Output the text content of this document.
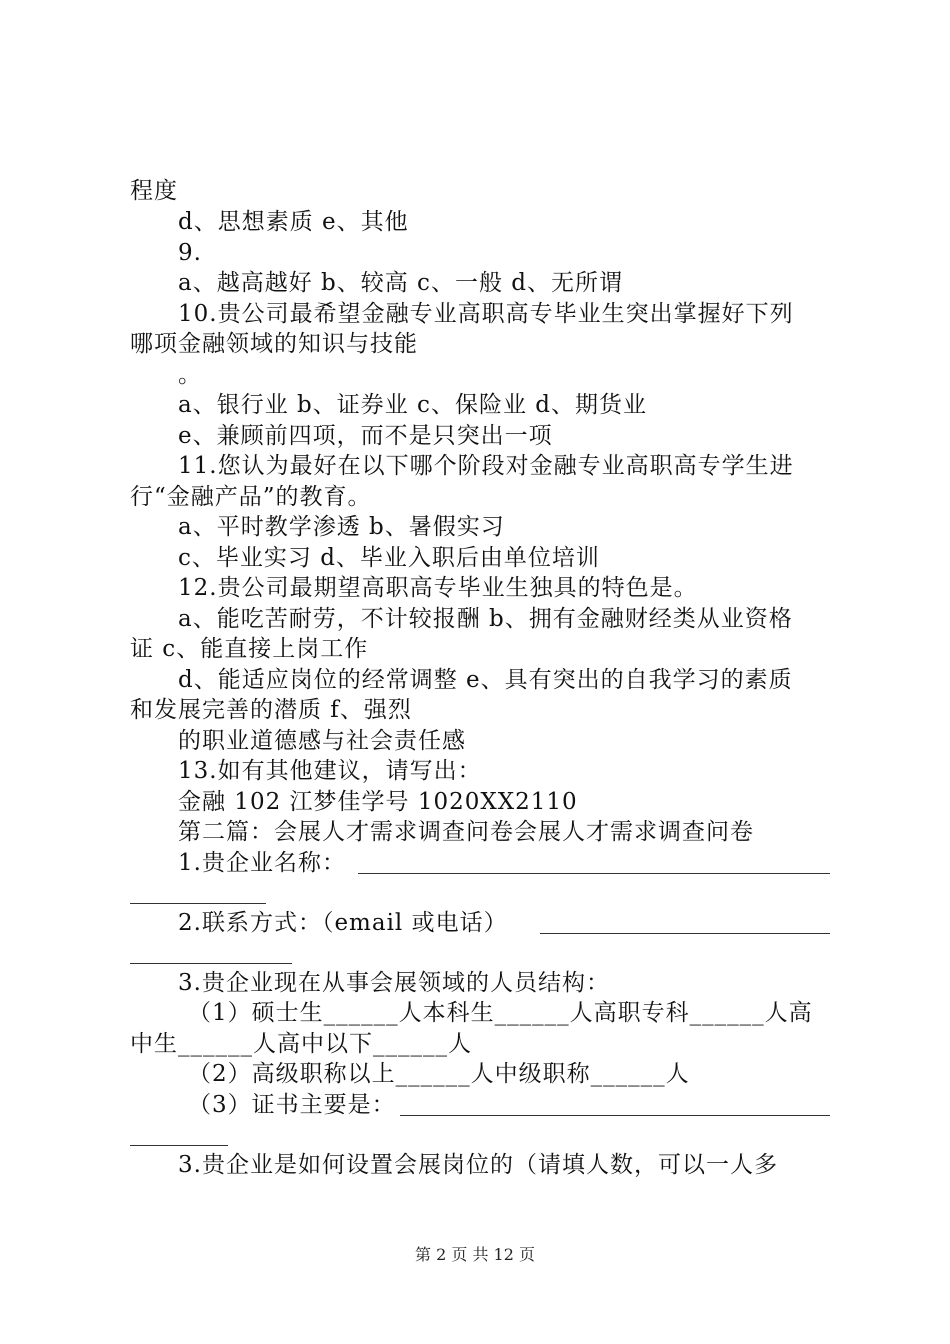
程度
d、思想素质 e、其他
9.
a、越高越好 b、较高 c、一般 d、无所谓
10.贵公司最希望金融专业高职高专毕业生突出掌握好下列
哪项金融领域的知识与技能
。
a、银行业 b、证券业 c、保险业 d、期货业
e、兼顾前四项，而不是只突出一项
11.您认为最好在以下哪个阶段对金融专业高职高专学生进
行“金融产品”的教育。
a、平时教学渗透 b、暑假实习
c、毕业实习 d、毕业入职后由单位培训
12.贵公司最期望高职高专毕业生独具的特色是。
a、能吃苦耐劳，不计较报酬 b、拥有金融财经类从业资格
证 c、能直接上岗工作
d、能适应岗位的经常调整 e、具有突出的自我学习的素质
和发展完善的潜质 f、强烈
的职业道德感与社会责任感
13.如有其他建议，请写出：
金融 102 江梦佳学号 1020XX2110
第二篇：会展人才需求调查问卷会展人才需求调查问卷
1.贵企业名称：
2.联系方式：（email 或电话）
3.贵企业现在从事会展领域的人员结构：
（1）硕士生______人本科生______人高职专科______人高
中生______人高中以下______人
（2）高级职称以上______人中级职称______人
（3）证书主要是：
3.贵企业是如何设置会展岗位的（请填人数，可以一人多
第 2 页 共 12 页
